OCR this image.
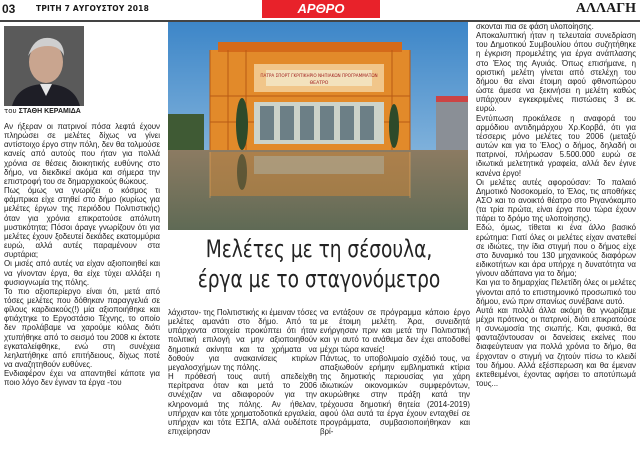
03	ΤΡΙΤΗ 7 ΑΥΓΟΥΣΤΟΥ 2018	ΑΡΘΡΟ	ΑΛΛΑΓΗ
του ΣΤΑΘΗ ΚΕΡΑΜΙΔΑ
Αν ήξεραν οι πατρινοί πόσα λεφτά έχουν πληρώσει σε μελέτες δίχως να γίνει αντίστοιχο έργο στην πόλη, δεν θα τολμούσε κανείς από αυτούς που ήταν για πολλά χρόνια σε θέσεις διοικητικής ευθύνης στο δήμο, να διεκδικεί ακόμα και σήμερα την επιστροφή του σε δημαρχιακούς θώκους.
Πως όμως να γνωρίζει ο κόσμος τι φάμπρικα είχε στηθεί στο δήμο (κυρίως για μελέτες έργων της περιόδου Πολιτιστικής) όταν για χρόνια επικρατούσε απόλυτη μυστικότητα; Πόσοι άραγε γνωρίζουν ότι για μελέτες έχουν ξοδευτεί δεκάδες εκατομμύρια ευρώ, αλλά αυτές παραμένουν στα συρτάρια;
Οι μισές από αυτές να είχαν αξιοποιηθεί και να γίνονταν έργα, θα είχε τύχει αλλάξει η φυσιογνωμία της πόλης.
Το πιο αξιοπερίεργο είναι ότι, μετά από τόσες μελέτες που δόθηκαν παραγγελιά σε φίλους καρδιακούς(!) μία αξιοποιήθηκε και φτιάχτηκε το Εργοστάσιο Τέχνης, το οποίο δεν προλάβαμε να χαρούμε κιόλας διότι χτυπήθηκε από το σεισμό του 2008 κι έκτοτε εγκαταλείφθηκε, ενώ στη συνέχεια λεηλατήθηκε από επιτήδειους, δίχως ποτέ να αναζητηθούν ευθύνες.
Ενδιαφέρον έχει να απαντηθεί κάποτε για ποιο λόγο δεν έγιναν τα έργα -του
ΠΑΤΡΑ ΣΠΟΡΤ ΓΚΡΙΤΙΚΗΡΙΟ ΝΗΠΙΑΚΩΝ ΠΡΟΓΡΑΜΜΑΤΩΝ
ΘΕΑΤΡΟ
Μελέτες με τη σέσουλα,
έργα με το σταγονόμετρο
λάχιστον- της Πολιτιστικής κι έμειναν τόσες μελέτες αμανάτι στο δήμο. Από τα υπάρχοντα στοιχεία προκύπτει ότι ήταν πολιτική επιλογή να μην αξιοποιηθούν δημοτικά ακίνητα και τα χρήματα να δοθούν για ανακαινίσεις κτιρίων μεγαλοσχήμων της πόλης.
Η πρόθεσή τους αυτή απεδείχθη περίτρανα όταν και μετά το 2006 συνέχιζαν να αδιαφορούν για την κληρονομιά της πόλης. Αν ήθελαν, υπήρχαν και τότε χρηματοδοτικά εργαλεία, υπήρχαν και τότε ΕΣΠΑ, αλλά ουδέποτε επιχείρησαν
να εντάξουν σε πρόγραμμα κάποιο έργο με έτοιμη μελέτη. Άρα, συνειδητά ενήργησαν πριν και μετά την Πολιτιστική και γι αυτό το ανάθεμα δεν έχει αποδοθεί μέχρι τώρα κανείς!
Πάντως, το υποβολιμαίο σχέδιό τους, να απαξιωθούν ερήμην εμβληματικά κτίρια της δημοτικής περιουσίας για χάρη ιδιωτικών οικονομικών συμφερόντων, ακυρώθηκε στην πράξη κατά την τρέχουσα δημοτική θητεία (2014-2019) αφού όλα αυτά τα έργα έχουν ενταχθεί σε προγράμματα, συμβασιοποιήθηκαν και βρί-
σκονται πια σε φάση υλοποίησης.
Αποκαλυπτική ήταν η τελευταία συνεδρίαση του Δημοτικού Συμβουλίου όπου συζητήθηκε η έγκριση προμελέτης για έργα ανάπλασης στο Έλος της Αγυιάς. Όπως επισήμανε, η οριστική μελέτη γίνεται από στελέχη του δήμου θα είναι έτοιμη αφού φθινοπώρου ώστε άμεσα να ξεκινήσει η μελέτη καθώς υπάρχουν εγκεκριμένες πιστώσεις 3 εκ. ευρώ.
Εντύπωση προκάλεσε η αναφορά του αρμόδιου αντιδημάρχου Χρ.Κορβά, ότι για τέσσερις μόνο μελέτες του 2006 (μεταξύ αυτών και για το Έλος) ο δήμος, δηλαδή οι πατρινοί, πλήρωσαν 5.500.000 ευρώ σε ιδιωτικά μελετητικά γραφεία, αλλά δεν έγινε κανένα έργο!
Οι μελέτες αυτές αφορούσαν: Το παλαιό Δημοτικό Νοσοκομείο, το Έλος, τις αποθήκες ΑΣΟ και το ανοικτό θέατρο στο Ριγανόκαμπο (τα τρία πρώτα, είναι έργα που τώρα έχουν πάρει το δρόμο της υλοποίησης).
Εδώ, όμως, τίθεται κι ένα άλλο βασικό ερώτημα: Γιατί όλες οι μελέτες είχαν ανατεθεί σε ιδιώτες, την ίδια στιγμή που ο δήμος είχε στο δυναμικό του 130 μηχανικούς διαφόρων ειδικοτήτων και άρα υπήρχε η δυνατότητα να γίνουν αδάπανα για το δήμο;
Και για το δημαρχίας Πελετίδη όλες οι μελέτες γίνονται από το επιστημονικό προσωπικό του δήμου, ενώ πριν σπανίως συνέβαινε αυτό.
Αυτά και πολλά άλλα ακόμη θα γνωρίζαμε μέχρι πρότινος οι πατρινοί, διότι επικρατούσε η συνωμοσία της σιωπής. Και, φυσικά, θα φανταζόντουσαν οι δανείσεις εκείνες που διαφεύγτευαν για πολλά χρόνια το δήμο, θα έρχονταν ο στιγμή να ζητούν πίσω το κλειδί του δήμου. Αλλά εξέσπερωση και θα έμεναν εκτεθειμένοι, έχοντας αφήσει το αποτύπωμά τους...
